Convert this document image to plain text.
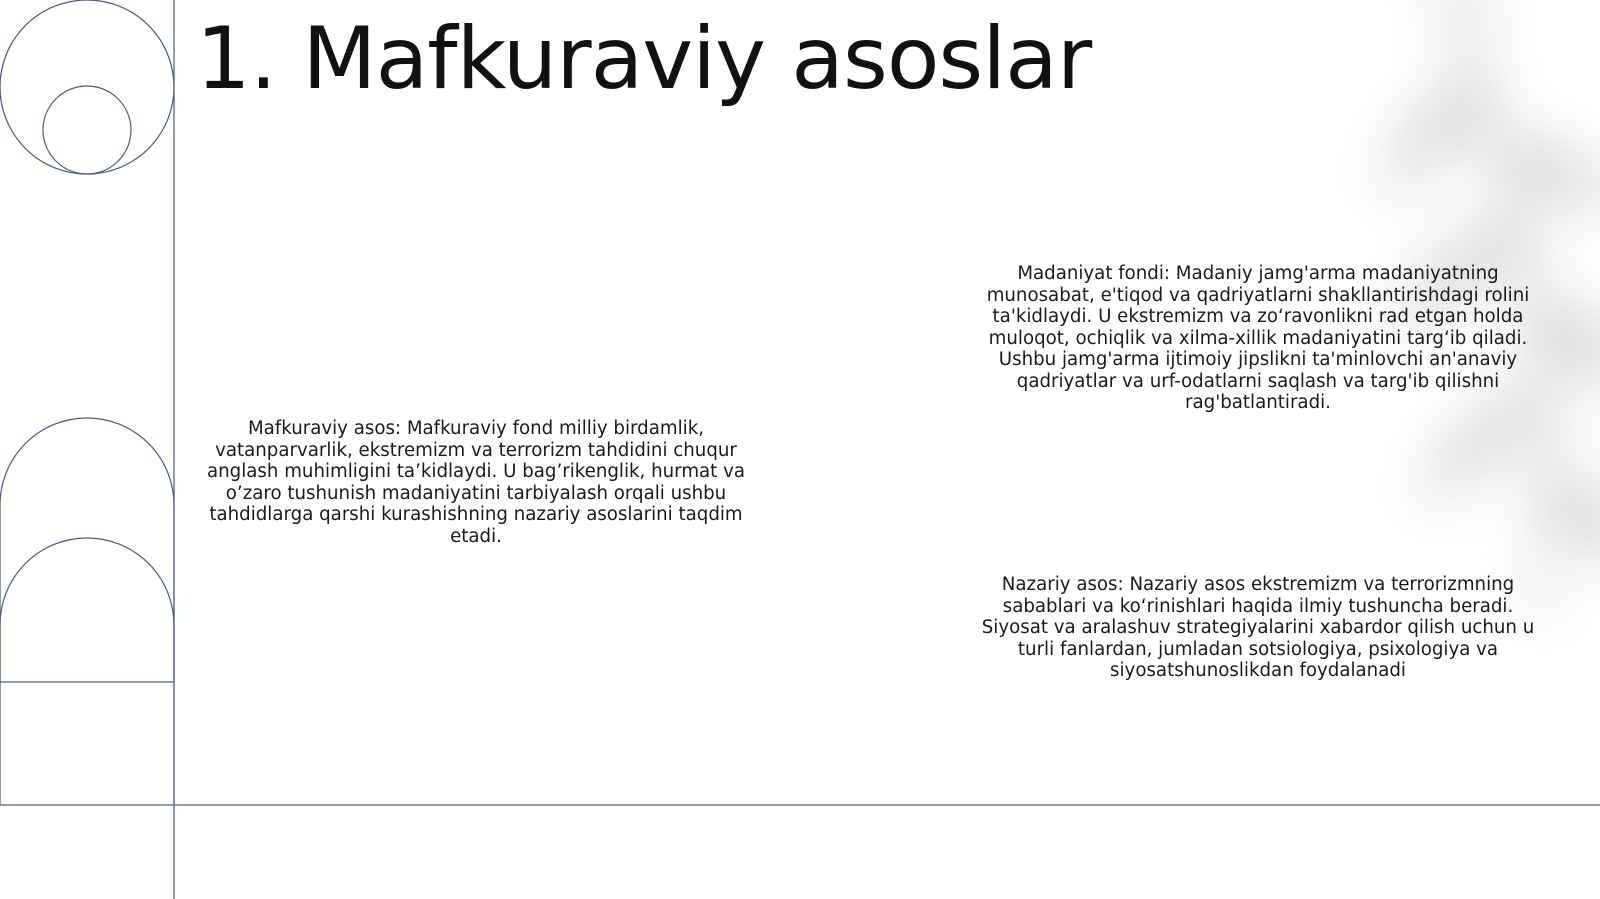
1. Mafkuraviy asoslar

Mafkuraviy asos: Mafkuraviy fond milliy birdamlik, vatanparvarlik, ekstremizm va terrorizm tahdidini chuqur anglash muhimligini ta’kidlaydi. U bag’rikenglik, hurmat va o’zaro tushunish madaniyatini tarbiyalash orqali ushbu tahdidlarga qarshi kurashishning nazariy asoslarini taqdim etadi.

Madaniyat fondi: Madaniy jamg'arma madaniyatning munosabat, e'tiqod va qadriyatlarni shakllantirishdagi rolini ta'kidlaydi. U ekstremizm va zo‘ravonlikni rad etgan holda muloqot, ochiqlik va xilma-xillik madaniyatini targ‘ib qiladi. Ushbu jamg'arma ijtimoiy jipslikni ta'minlovchi an'anaviy qadriyatlar va urf-odatlarni saqlash va targ'ib qilishni rag'batlantiradi.

Nazariy asos: Nazariy asos ekstremizm va terrorizmning sabablari va ko‘rinishlari haqida ilmiy tushuncha beradi. Siyosat va aralashuv strategiyalarini xabardor qilish uchun u turli fanlardan, jumladan sotsiologiya, psixologiya va siyosatshunoslikdan foydalanadi
